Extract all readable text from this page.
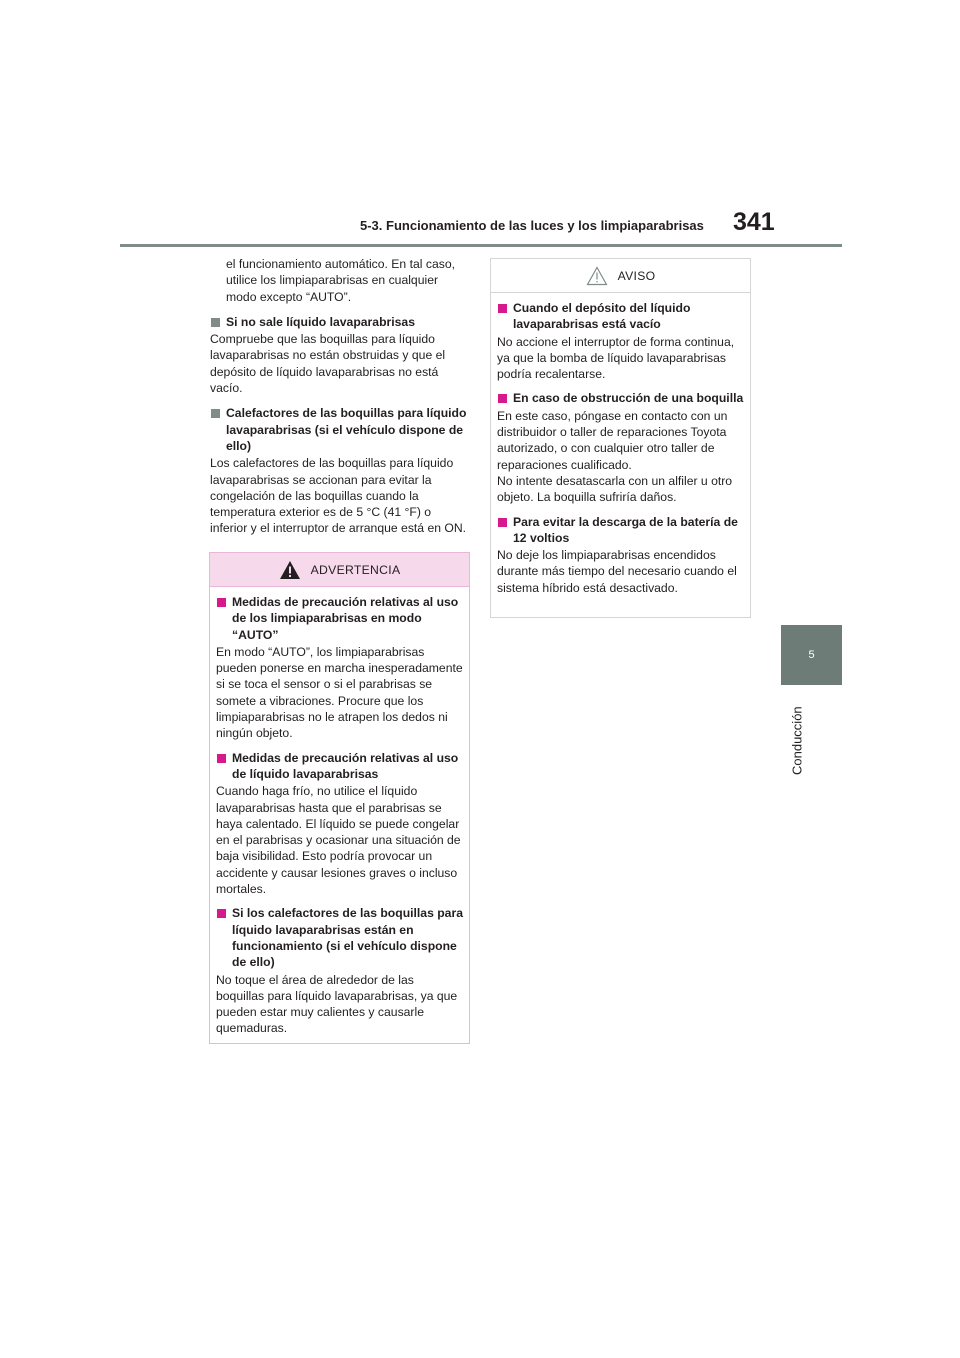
5-3. Funcionamiento de las luces y los limpiaparabrisas 341
5
Conducción

el funcionamiento automático. En tal caso, utilice los limpiaparabrisas en cualquier modo excepto “AUTO”.

Si no sale líquido lavaparabrisas

Compruebe que las boquillas para líquido lavaparabrisas no están obstruidas y que el depósito de líquido lavaparabrisas no está vacío.

Calefactores de las boquillas para líquido lavaparabrisas (si el vehículo dispone de ello)

Los calefactores de las boquillas para líquido lavaparabrisas se accionan para evitar la congelación de las boquillas cuando la temperatura exterior es de 5 °C (41 °F) o inferior y el interruptor de arranque está en ON.

ADVERTENCIA
Medidas de precaución relativas al uso de los limpiaparabrisas en modo “AUTO”

En modo “AUTO”, los limpiaparabrisas pueden ponerse en marcha inesperadamente si se toca el sensor o si el parabrisas se somete a vibraciones. Procure que los limpiaparabrisas no le atrapen los dedos ni ningún objeto.

Medidas de precaución relativas al uso de líquido lavaparabrisas

Cuando haga frío, no utilice el líquido lavaparabrisas hasta que el parabrisas se haya calentado. El líquido se puede congelar en el parabrisas y ocasionar una situación de baja visibilidad. Esto podría provocar un accidente y causar lesiones graves o incluso mortales.

Si los calefactores de las boquillas para líquido lavaparabrisas están en funcionamiento (si el vehículo dispone de ello)

No toque el área de alrededor de las boquillas para líquido lavaparabrisas, ya que pueden estar muy calientes y causarle quemaduras.

AVISO
Cuando el depósito del líquido lavaparabrisas está vacío

No accione el interruptor de forma continua, ya que la bomba de líquido lavaparabrisas podría recalentarse.

En caso de obstrucción de una boquilla

En este caso, póngase en contacto con un distribuidor o taller de reparaciones Toyota autorizado, o con cualquier otro taller de reparaciones cualificado.

No intente desatascarla con un alfiler u otro objeto. La boquilla sufriría daños.

Para evitar la descarga de la batería de 12 voltios

No deje los limpiaparabrisas encendidos durante más tiempo del necesario cuando el sistema híbrido está desactivado.
